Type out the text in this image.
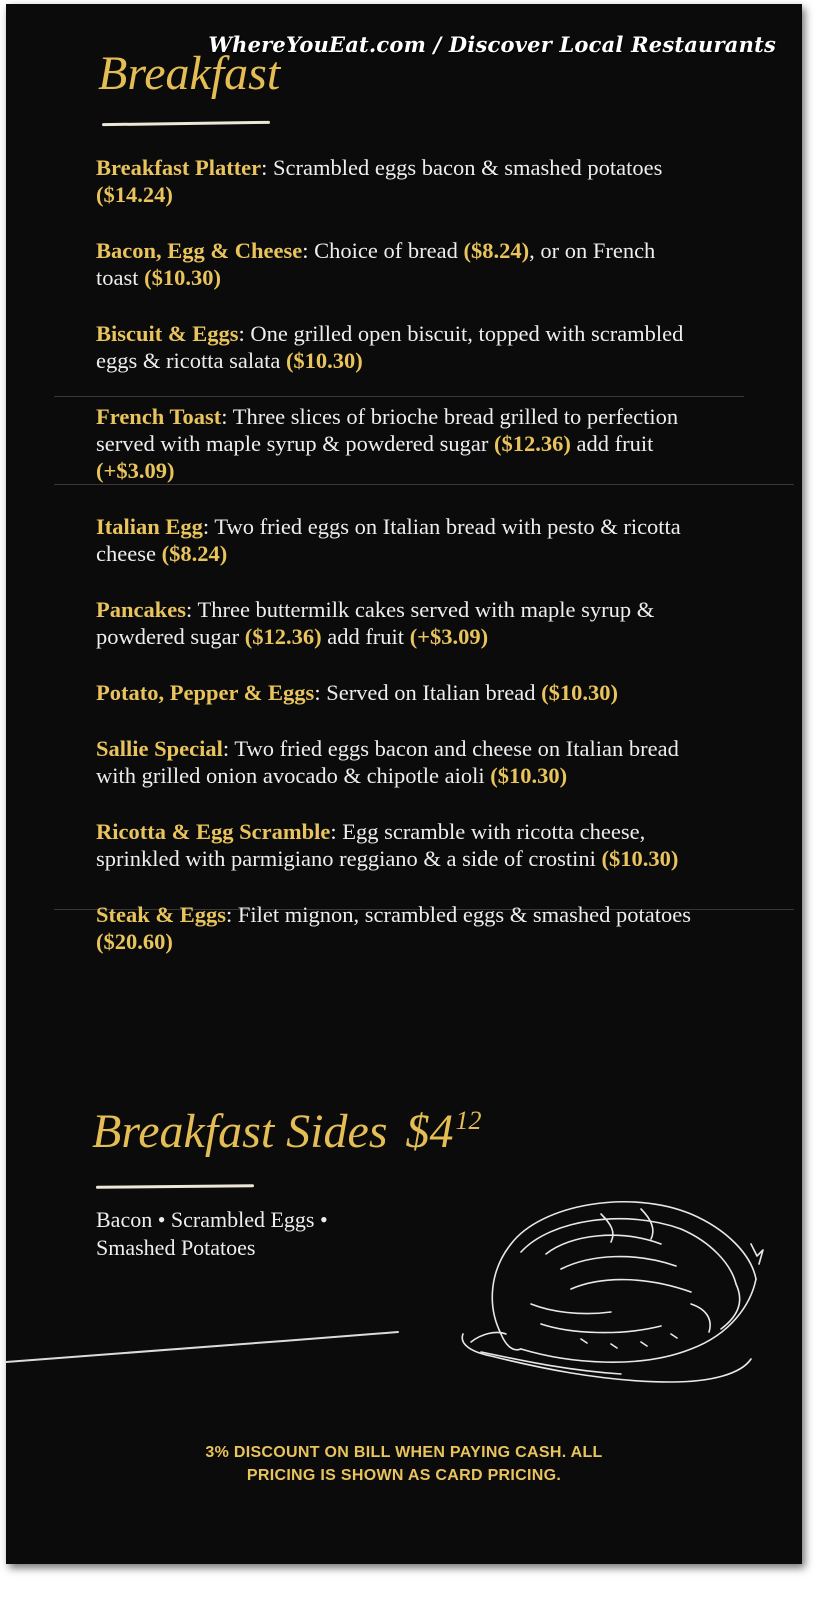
WhereYouEat.com / Discover Local Restaurants
Breakfast
Breakfast Platter: Scrambled eggs bacon & smashed potatoes ($14.24)
Bacon, Egg & Cheese: Choice of bread ($8.24), or on French toast ($10.30)
Biscuit & Eggs: One grilled open biscuit, topped with scrambled eggs & ricotta salata ($10.30)
French Toast: Three slices of brioche bread grilled to perfection served with maple syrup & powdered sugar ($12.36) add fruit (+$3.09)
Italian Egg: Two fried eggs on Italian bread with pesto & ricotta cheese ($8.24)
Pancakes: Three buttermilk cakes served with maple syrup & powdered sugar ($12.36) add fruit (+$3.09)
Potato, Pepper & Eggs: Served on Italian bread ($10.30)
Sallie Special: Two fried eggs bacon and cheese on Italian bread with grilled onion avocado & chipotle aioli ($10.30)
Ricotta & Egg Scramble: Egg scramble with ricotta cheese, sprinkled with parmigiano reggiano & a side of crostini ($10.30)
Steak & Eggs: Filet mignon, scrambled eggs & smashed potatoes ($20.60)
Breakfast Sides $\$4^{12}$
Bacon • Scrambled Eggs •
Smashed Potatoes
3% DISCOUNT ON BILL WHEN PAYING CASH. ALL
PRICING IS SHOWN AS CARD PRICING.
